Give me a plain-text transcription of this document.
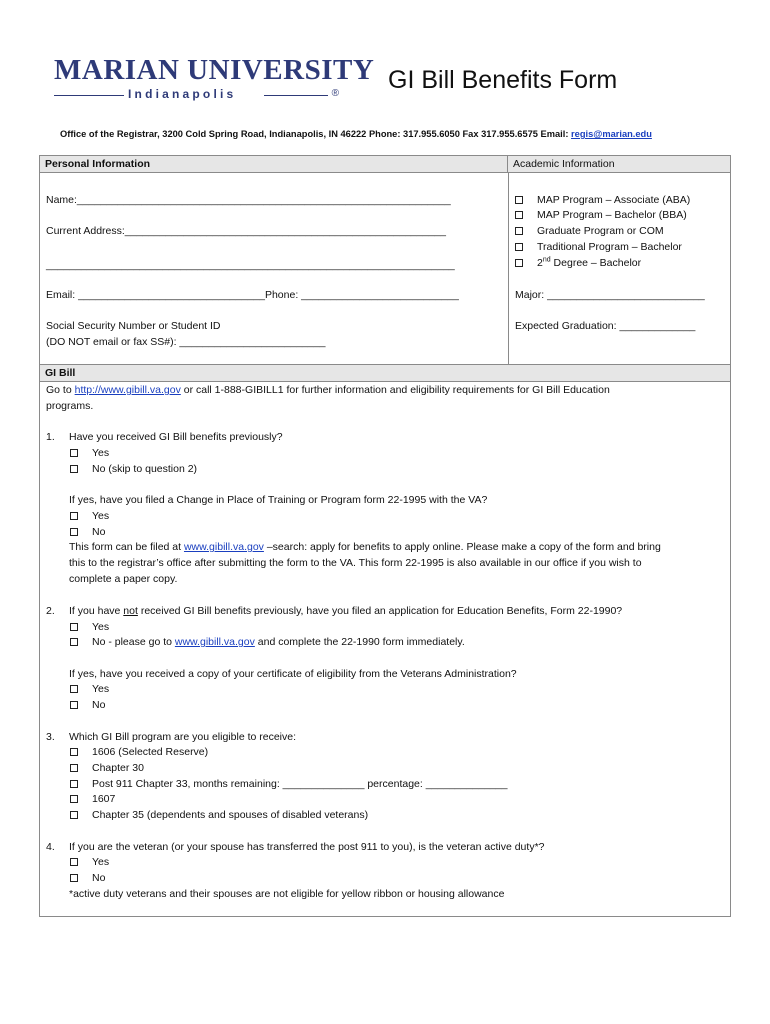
MARIAN UNIVERSITY
Indianapolis	® GI Bill Benefits Form
Office of the Registrar, 3200 Cold Spring Road, Indianapolis, IN 46222 Phone: 317.955.6050 Fax 317.955.6575 Email: regis@marian.edu
Personal Information	Academic Information
Name:________________________________________________________________
Current Address:_______________________________________________________
______________________________________________________________________
Email: ________________________________Phone: ___________________________
Social Security Number or Student ID
(DO NOT email or fax SS#): _________________________
MAP Program – Associate (ABA)
MAP Program – Bachelor (BBA)
Graduate Program or COM
Traditional Program – Bachelor
2nd Degree – Bachelor
Major: ___________________________
Expected Graduation: _____________
GI Bill
Go to http://www.gibill.va.gov or call 1-888-GIBILL1 for further information and eligibility requirements for GI Bill Education
programs.
1. Have you received GI Bill benefits previously?
Yes
No (skip to question 2)
If yes, have you filed a Change in Place of Training or Program form 22-1995 with the VA?
Yes
No
This form can be filed at www.gibill.va.gov –search: apply for benefits to apply online. Please make a copy of the form and bring
this to the registrar’s office after submitting the form to the VA. This form 22-1995 is also available in our office if you wish to
complete a paper copy.
2. If you have not received GI Bill benefits previously, have you filed an application for Education Benefits, Form 22-1990?
Yes
No - please go to www.gibill.va.gov and complete the 22-1990 form immediately.
If yes, have you received a copy of your certificate of eligibility from the Veterans Administration?
Yes
No
3. Which GI Bill program are you eligible to receive:
1606 (Selected Reserve)
Chapter 30
Post 911 Chapter 33, months remaining: ______________ percentage: ______________
1607
Chapter 35 (dependents and spouses of disabled veterans)
4. If you are the veteran (or your spouse has transferred the post 911 to you), is the veteran active duty*?
Yes
No
*active duty veterans and their spouses are not eligible for yellow ribbon or housing allowance
